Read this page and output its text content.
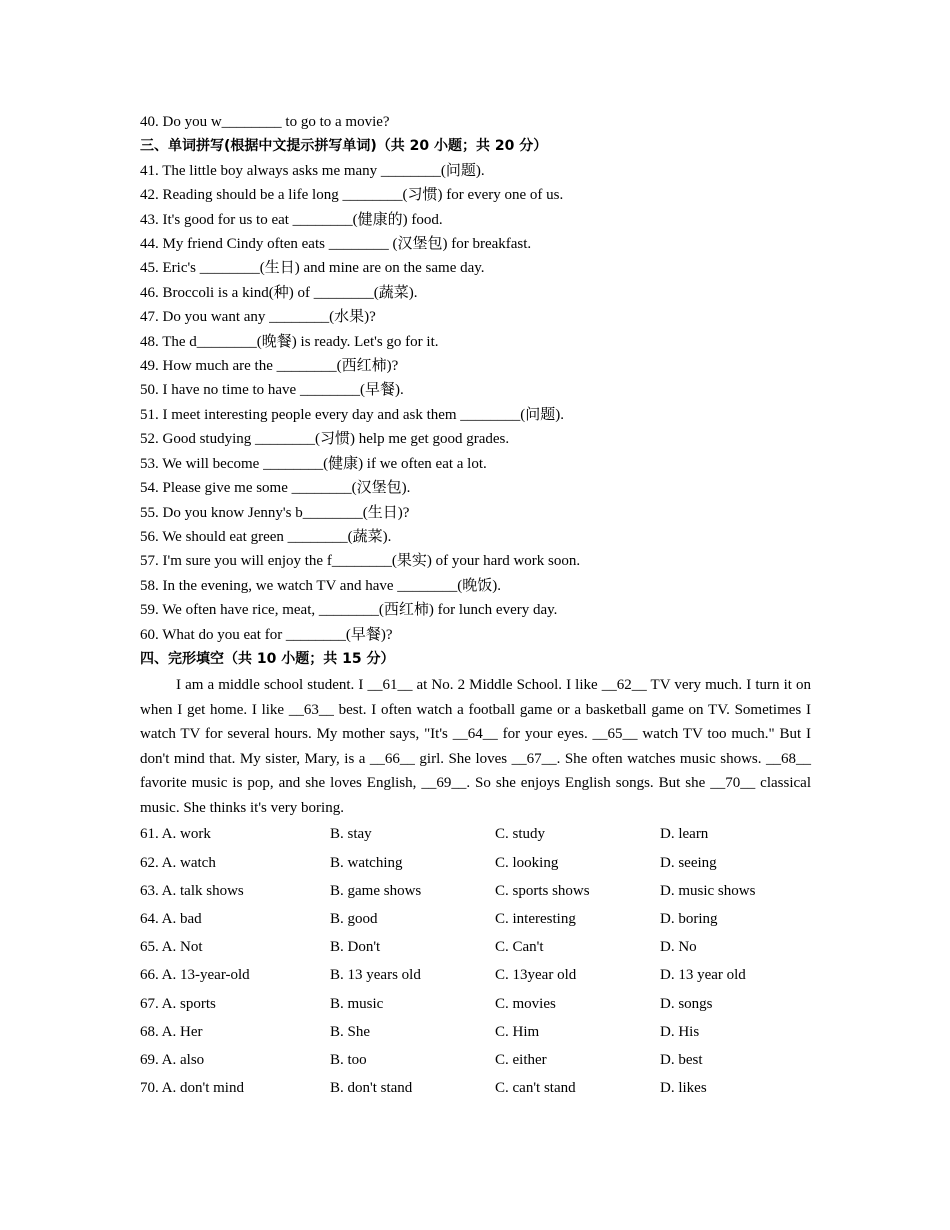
40. Do you w________ to go to a movie?
三、单词拼写(根据中文提示拼写单词)（共 20 小题；共 20 分）
41. The little boy always asks me many ________(问题).
42. Reading should be a life long ________(习惯) for every one of us.
43. It's good for us to eat ________(健康的) food.
44. My friend Cindy often eats ________ (汉堡包) for breakfast.
45. Eric's ________(生日) and mine are on the same day.
46. Broccoli is a kind(种) of ________(蔬菜).
47. Do you want any ________(水果)?
48. The d________(晚餐) is ready. Let's go for it.
49. How much are the ________(西红柿)?
50. I have no time to have ________(早餐).
51. I meet interesting people every day and ask them ________(问题).
52. Good studying ________(习惯) help me get good grades.
53. We will become ________(健康) if we often eat a lot.
54. Please give me some ________(汉堡包).
55. Do you know Jenny's b________(生日)?
56. We should eat green ________(蔬菜).
57. I'm sure you will enjoy the f________(果实) of your hard work soon.
58. In the evening, we watch TV and have ________(晚饭).
59. We often have rice, meat, ________(西红柿) for lunch every day.
60. What do you eat for ________(早餐)?
四、完形填空（共 10 小题；共 15 分）
I am a middle school student. I __61__ at No. 2 Middle School. I like __62__ TV very much. I turn it on when I get home. I like __63__ best. I often watch a football game or a basketball game on TV. Sometimes I watch TV for several hours. My mother says, "It's __64__ for your eyes. __65__ watch TV too much." But I don't mind that. My sister, Mary, is a __66__ girl. She loves __67__. She often watches music shows. __68__ favorite music is pop, and she loves English, __69__. So she enjoys English songs. But she __70__ classical music. She thinks it's very boring.
61. A. work	B. stay	C. study	D. learn
62. A. watch	B. watching	C. looking	D. seeing
63. A. talk shows	B. game shows	C. sports shows	D. music shows
64. A. bad	B. good	C. interesting	D. boring
65. A. Not	B. Don't	C. Can't	D. No
66. A. 13-year-old	B. 13 years old	C. 13year old	D. 13 year old
67. A. sports	B. music	C. movies	D. songs
68. A. Her	B. She	C. Him	D. His
69. A. also	B. too	C. either	D. best
70. A. don't mind	B. don't stand	C. can't stand	D. likes
